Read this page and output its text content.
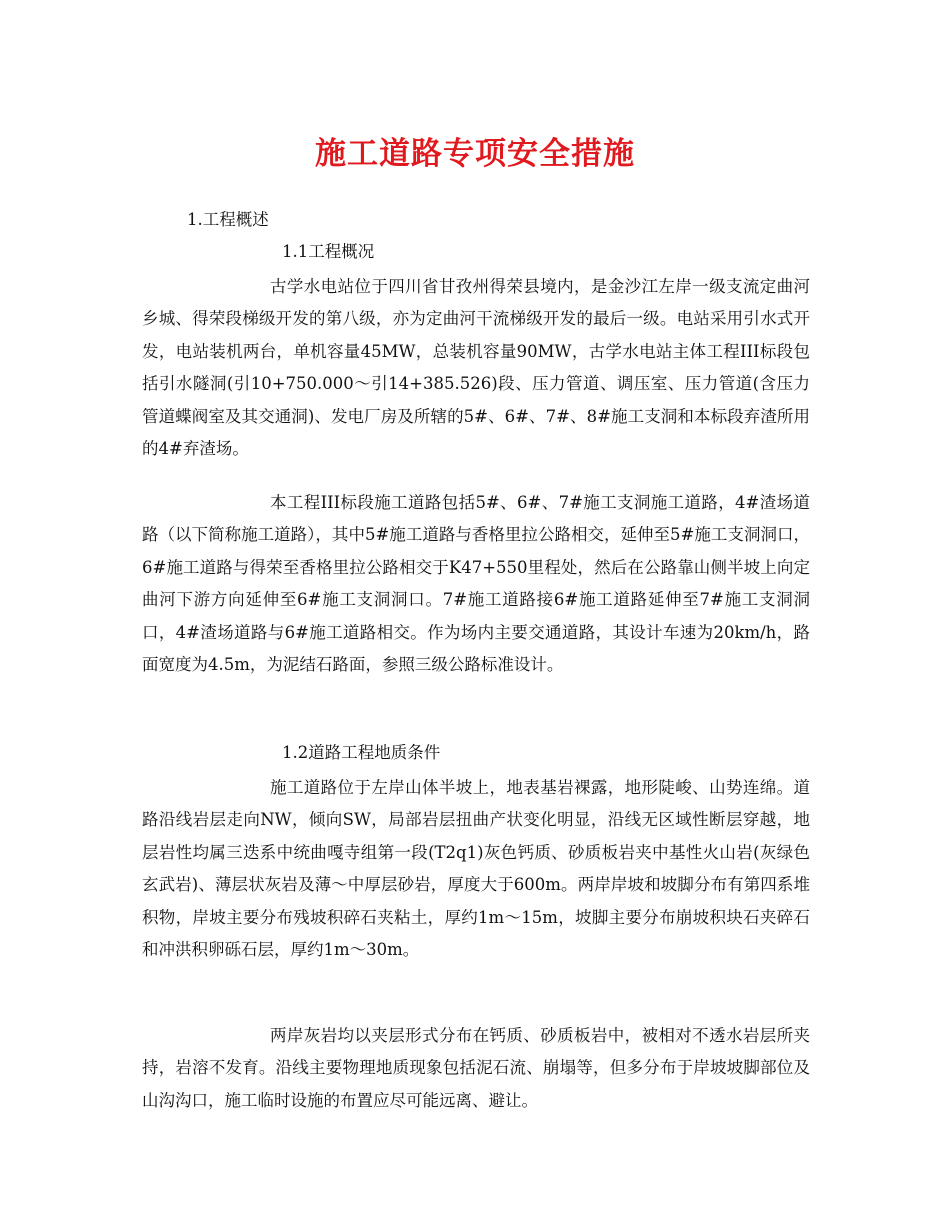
施工道路专项安全措施

1.工程概述

1.1工程概况

古学水电站位于四川省甘孜州得荣县境内，是金沙江左岸一级支流定曲河乡城、得荣段梯级开发的第八级，亦为定曲河干流梯级开发的最后一级。电站采用引水式开发，电站装机两台，单机容量45MW，总装机容量90MW，古学水电站主体工程III标段包括引水隧洞(引10+750.000～引14+385.526)段、压力管道、调压室、压力管道(含压力管道蝶阀室及其交通洞)、发电厂房及所辖的5#、6#、7#、8#施工支洞和本标段弃渣所用的4#弃渣场。

本工程III标段施工道路包括5#、6#、7#施工支洞施工道路，4#渣场道路（以下简称施工道路），其中5#施工道路与香格里拉公路相交，延伸至5#施工支洞洞口，6#施工道路与得荣至香格里拉公路相交于K47+550里程处，然后在公路靠山侧半坡上向定曲河下游方向延伸至6#施工支洞洞口。7#施工道路接6#施工道路延伸至7#施工支洞洞口，4#渣场道路与6#施工道路相交。作为场内主要交通道路，其设计车速为20km/h，路面宽度为4.5m，为泥结石路面，参照三级公路标准设计。

1.2道路工程地质条件

施工道路位于左岸山体半坡上，地表基岩裸露，地形陡峻、山势连绵。道路沿线岩层走向NW，倾向SW，局部岩层扭曲产状变化明显，沿线无区域性断层穿越，地层岩性均属三迭系中统曲嘎寺组第一段(T2q1)灰色钙质、砂质板岩夹中基性火山岩(灰绿色玄武岩)、薄层状灰岩及薄～中厚层砂岩，厚度大于600m。两岸岸坡和坡脚分布有第四系堆积物，岸坡主要分布残坡积碎石夹粘土，厚约1m～15m，坡脚主要分布崩坡积块石夹碎石和冲洪积卵砾石层，厚约1m～30m。

两岸灰岩均以夹层形式分布在钙质、砂质板岩中，被相对不透水岩层所夹持，岩溶不发育。沿线主要物理地质现象包括泥石流、崩塌等，但多分布于岸坡坡脚部位及山沟沟口，施工临时设施的布置应尽可能远离、避让。
